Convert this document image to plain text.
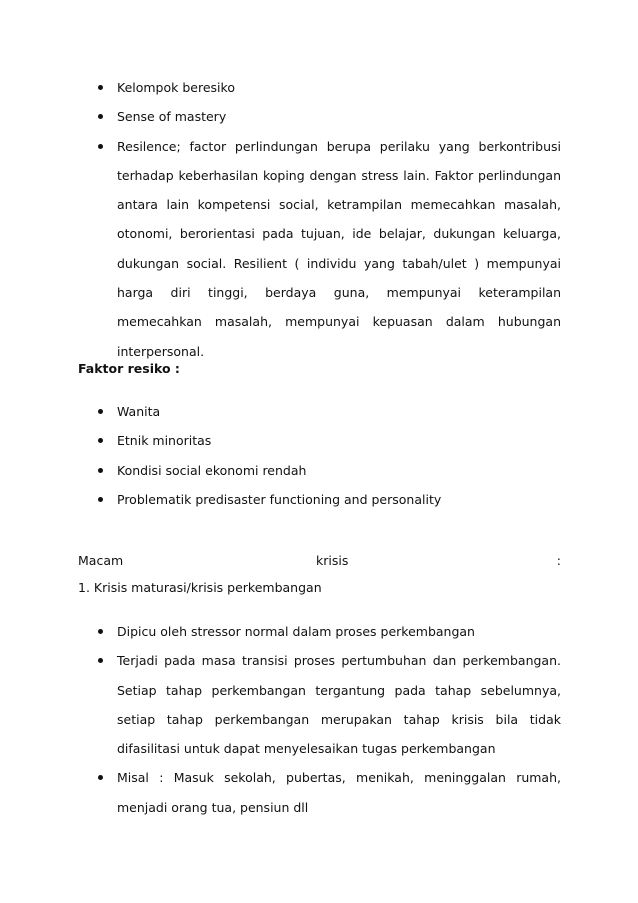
Kelompok beresiko
Sense of mastery
Resilence; factor perlindungan berupa perilaku yang berkontribusi terhadap keberhasilan koping dengan stress lain. Faktor perlindungan antara lain kompetensi social, ketrampilan memecahkan masalah, otonomi, berorientasi pada tujuan, ide belajar, dukungan keluarga, dukungan social. Resilient ( individu yang tabah/ulet ) mempunyai harga diri tinggi, berdaya guna, mempunyai keterampilan memecahkan masalah, mempunyai kepuasan dalam hubungan interpersonal.
Faktor resiko :
Wanita
Etnik minoritas
Kondisi social ekonomi rendah
Problematik predisaster functioning and personality
Macam	krisis	:
1. Krisis maturasi/krisis perkembangan
Dipicu oleh stressor normal dalam proses perkembangan
Terjadi pada masa transisi proses pertumbuhan dan perkembangan. Setiap tahap perkembangan tergantung pada tahap sebelumnya, setiap tahap perkembangan merupakan tahap krisis bila tidak difasilitasi untuk dapat menyelesaikan tugas perkembangan
Misal : Masuk sekolah, pubertas, menikah, meninggalan rumah, menjadi orang tua, pensiun dll
